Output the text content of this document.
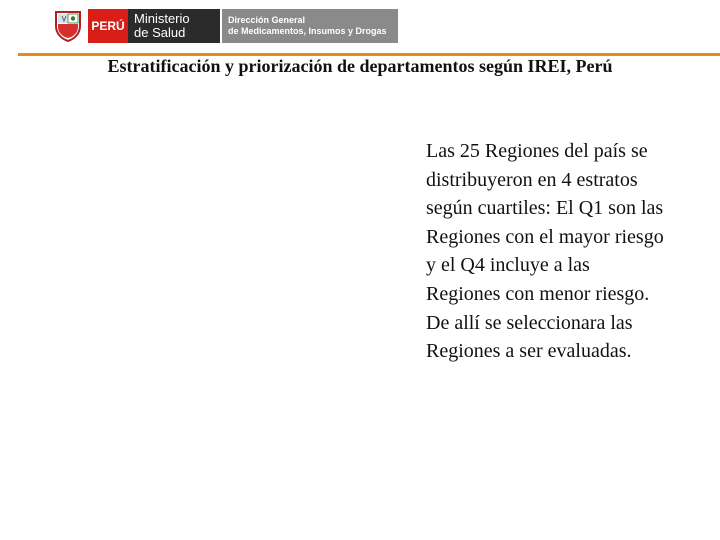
PERÚ Ministerio
de Salud
Dirección General
de Medicamentos, Insumos y Drogas
Estratificación y priorización de departamentos según IREI, Perú

Las 25 Regiones del país se distribuyeron en 4 estratos según cuartiles: El Q1 son las Regiones con el mayor riesgo y el Q4 incluye a las Regiones con menor riesgo.

De allí se seleccionara las Regiones a ser evaluadas.
